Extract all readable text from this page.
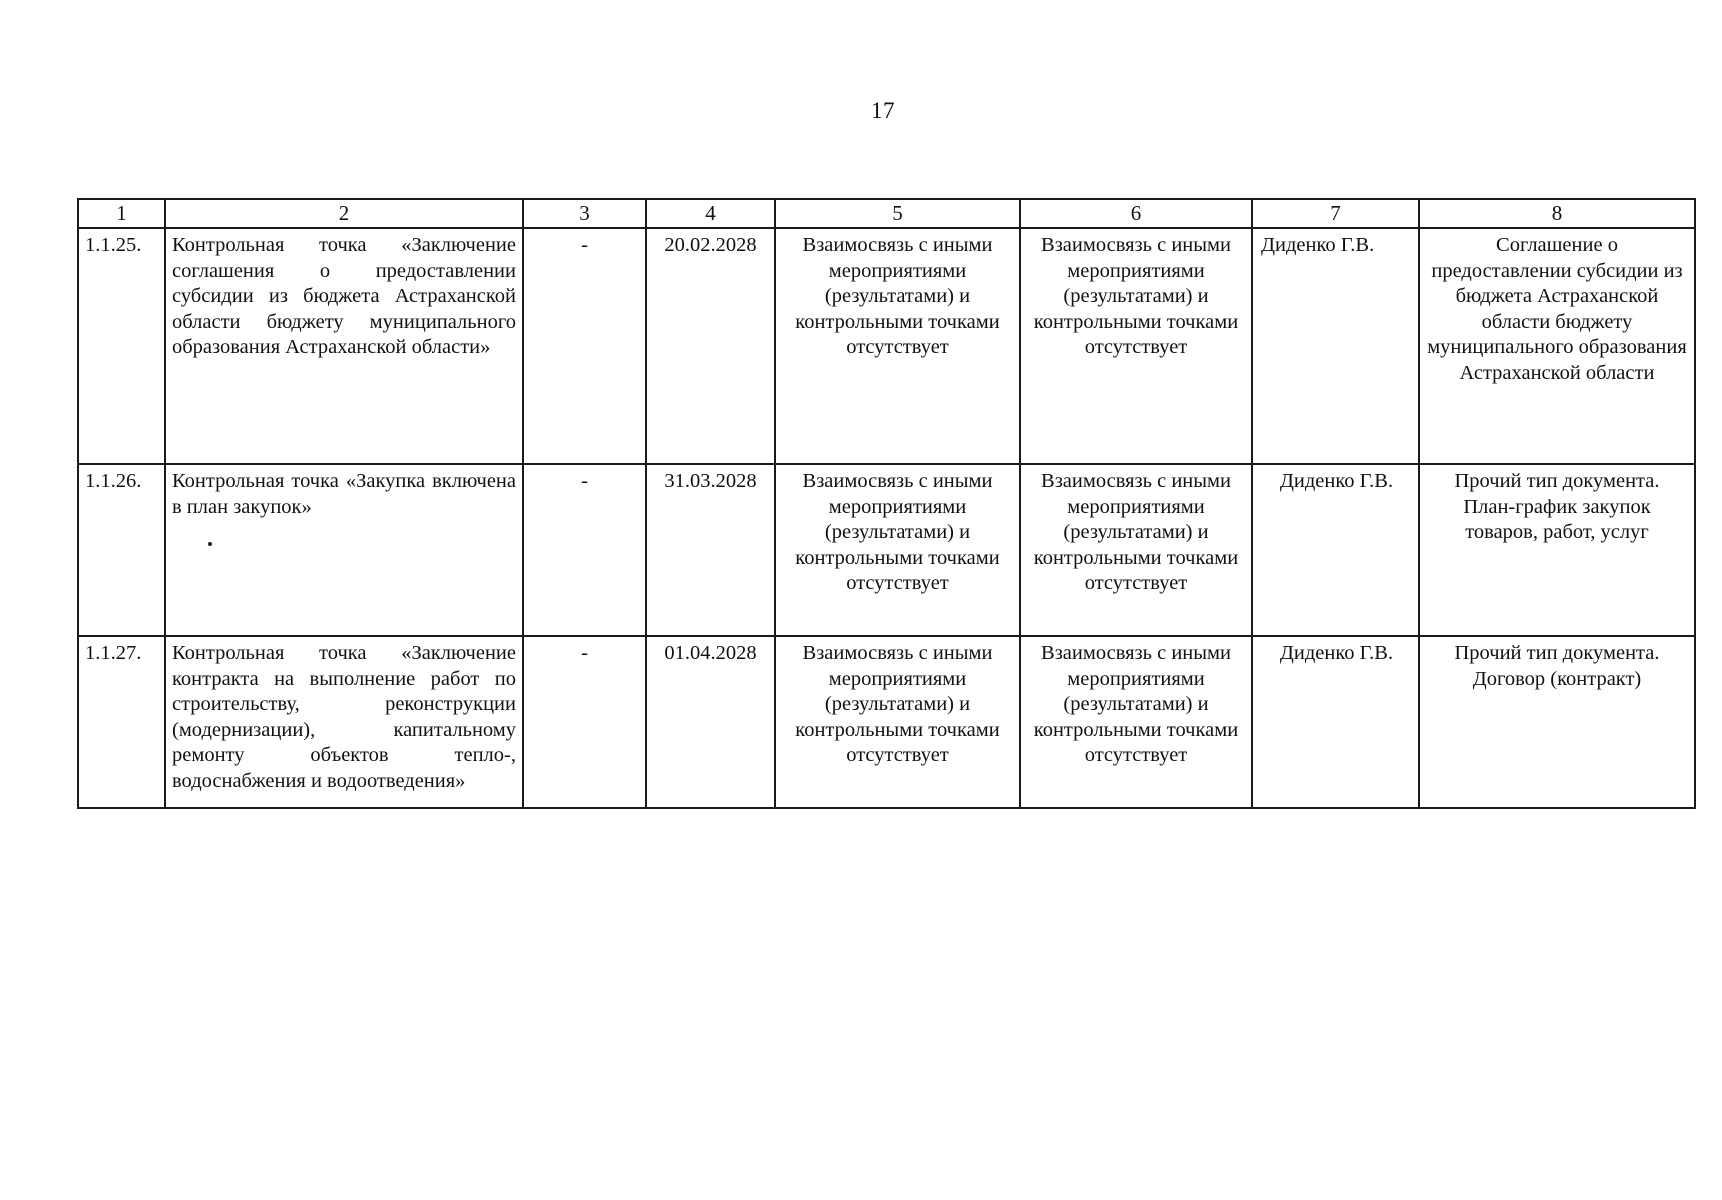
17
1	2	3	4	5	6	7	8
1.1.25.	Контрольная точка «Заключение соглашения о предоставлении субсидии из бюджета Астраханской области бюджету муниципального образования Астраханской области»	-	20.02.2028	Взаимосвязь с иными мероприятиями (результатами) и контрольными точками отсутствует	Взаимосвязь с иными мероприятиями (результатами) и контрольными точками отсутствует	Диденко Г.В.	Соглашение о предоставлении субсидии из бюджета Астраханской области бюджету муниципального образования Астраханской области
1.1.26.	Контрольная точка «Закупка включена в план закупок»	-	31.03.2028	Взаимосвязь с иными мероприятиями (результатами) и контрольными точками отсутствует	Взаимосвязь с иными мероприятиями (результатами) и контрольными точками отсутствует	Диденко Г.В.	Прочий тип документа. План-график закупок товаров, работ, услуг
1.1.27.	Контрольная точка «Заключение контракта на выполнение работ по строительству, реконструкции (модернизации), капитальному ремонту объектов тепло-, водоснабжения и водоотведения»	-	01.04.2028	Взаимосвязь с иными мероприятиями (результатами) и контрольными точками отсутствует	Взаимосвязь с иными мероприятиями (результатами) и контрольными точками отсутствует	Диденко Г.В.	Прочий тип документа. Договор (контракт)
